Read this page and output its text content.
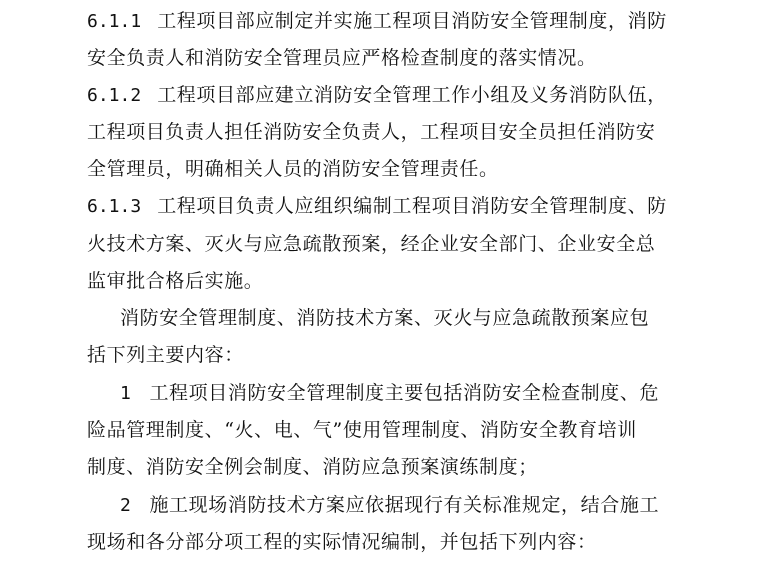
6.1.1 工程项目部应制定并实施工程项目消防安全管理制度，消防
安全负责人和消防安全管理员应严格检查制度的落实情况。
6.1.2 工程项目部应建立消防安全管理工作小组及义务消防队伍，
工程项目负责人担任消防安全负责人，工程项目安全员担任消防安
全管理员，明确相关人员的消防安全管理责任。
6.1.3 工程项目负责人应组织编制工程项目消防安全管理制度、防
火技术方案、灭火与应急疏散预案，经企业安全部门、企业安全总
监审批合格后实施。
消防安全管理制度、消防技术方案、灭火与应急疏散预案应包
括下列主要内容：
1 工程项目消防安全管理制度主要包括消防安全检查制度、危
险品管理制度、“火、电、气”使用管理制度、消防安全教育培训
制度、消防安全例会制度、消防应急预案演练制度；
2 施工现场消防技术方案应依据现行有关标准规定，结合施工
现场和各分部分项工程的实际情况编制，并包括下列内容：
